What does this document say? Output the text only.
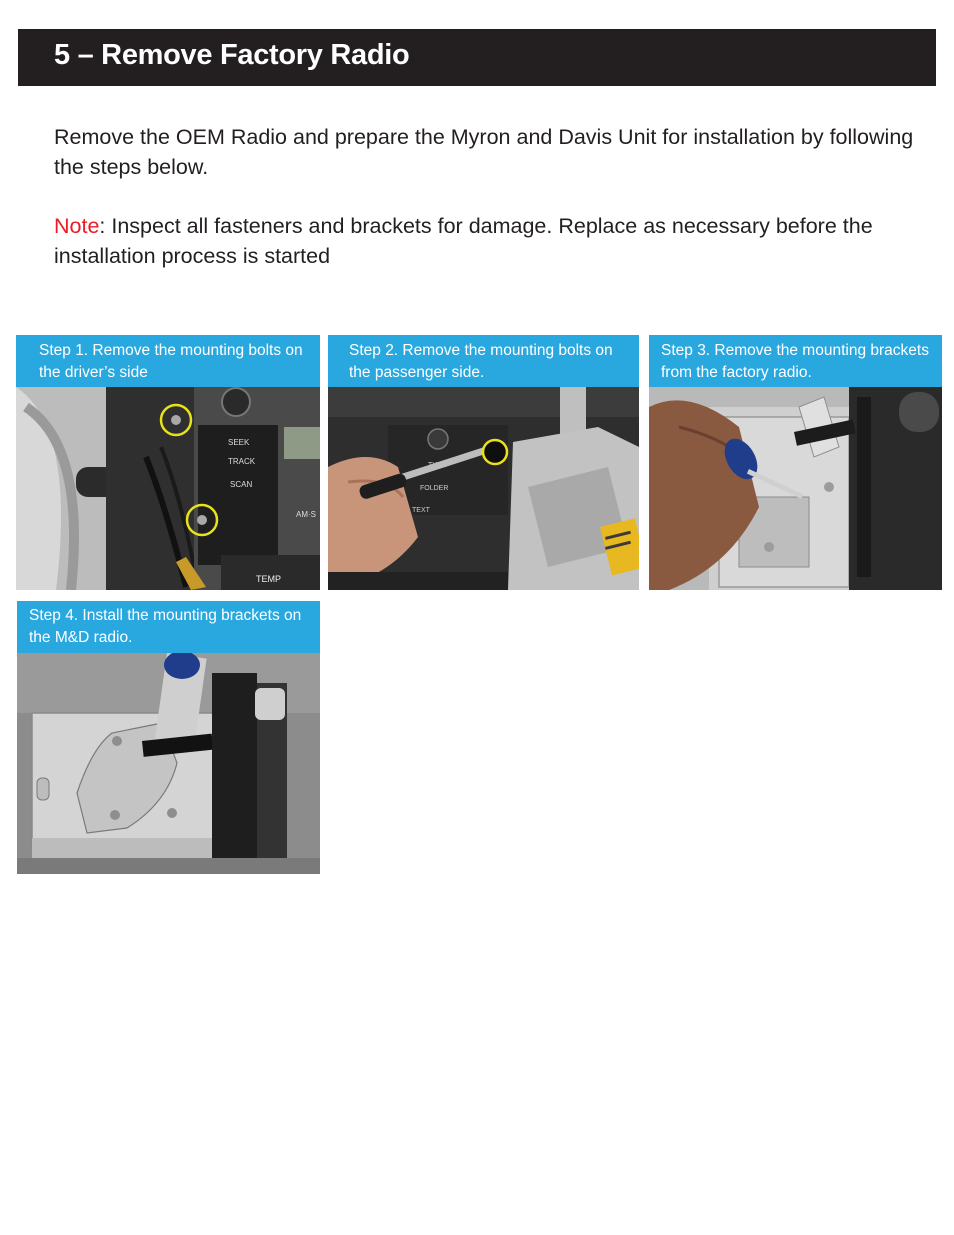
5 – Remove Factory Radio

Remove the OEM Radio and prepare the Myron and Davis Unit for installation by following the steps below.

Note: Inspect all fasteners and brackets for damage. Replace as necessary before the installation process is started

Step 1. Remove the mounting bolts on the driver’s side
SEEK
TRACK
SCAN
AM·S
TEMP
Step 2. Remove the mounting bolts on the passenger side.
FOLDER
TEXT
Step 3. Remove the mounting brackets from the factory radio.
Step 4. Install the mounting brackets on the M&D radio.
